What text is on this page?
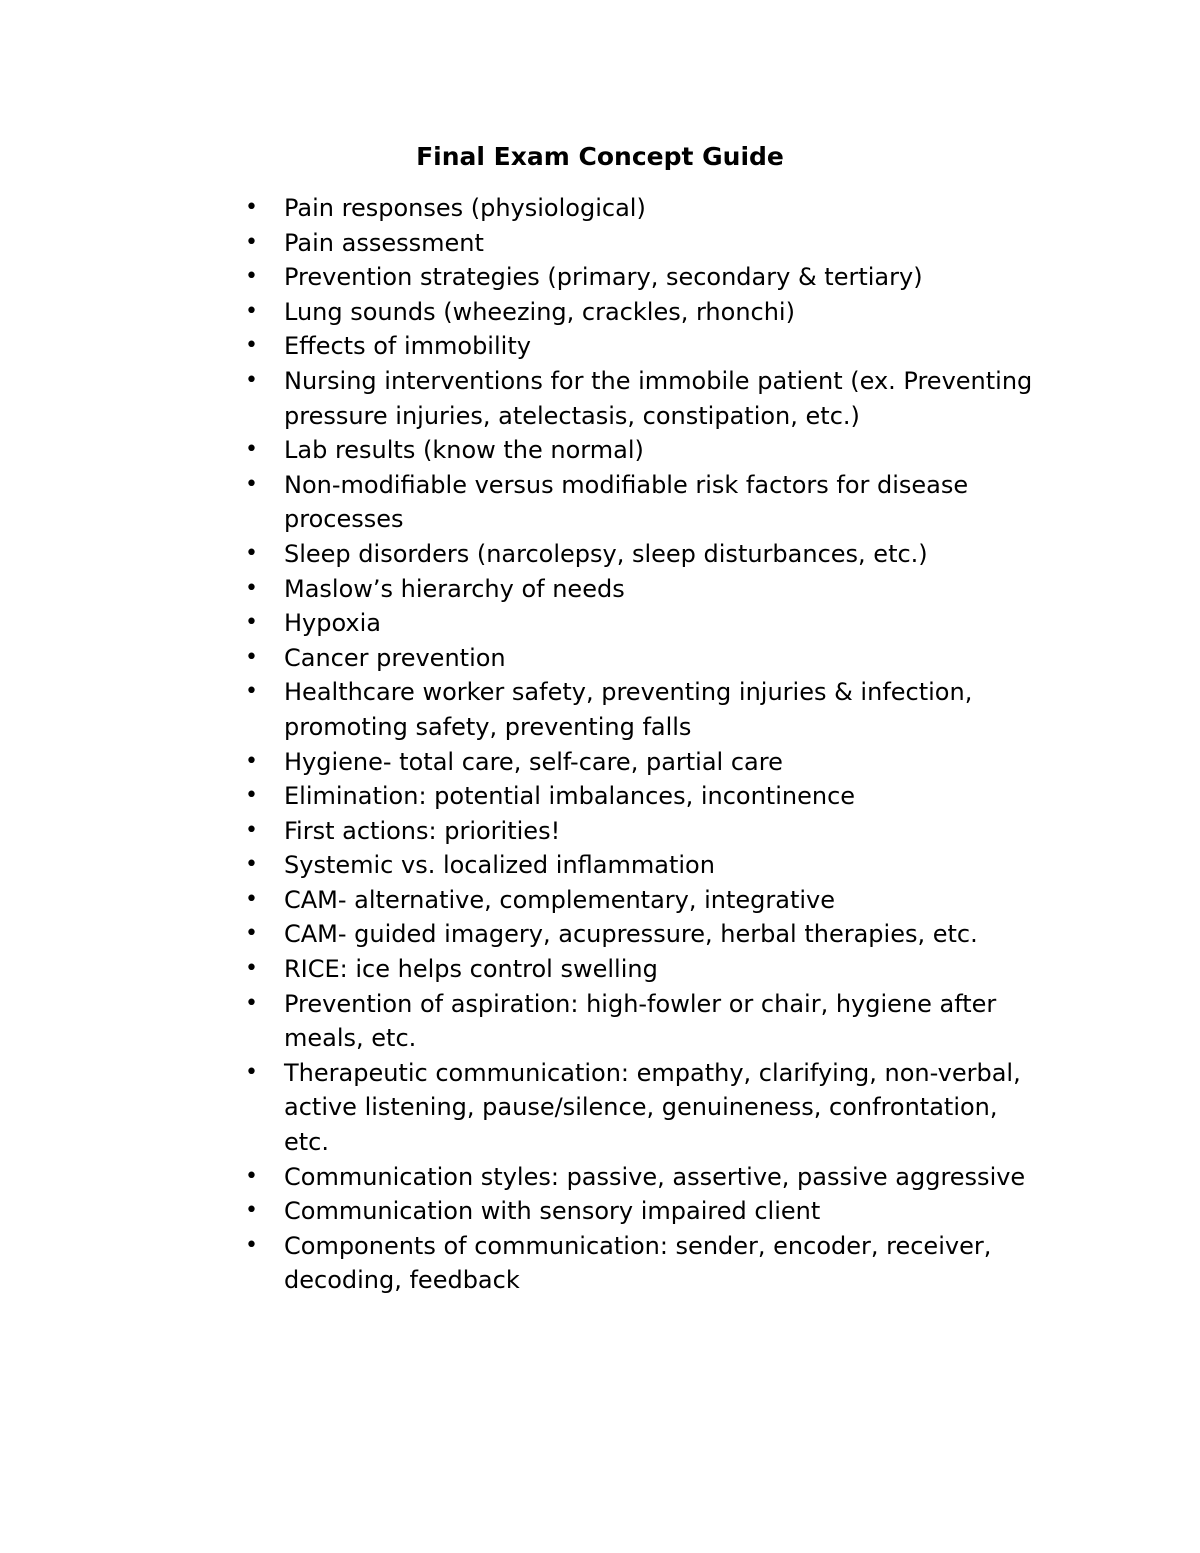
Final Exam Concept Guide
• Pain responses (physiological)
• Pain assessment
• Prevention strategies (primary, secondary & tertiary)
• Lung sounds (wheezing, crackles, rhonchi)
• Effects of immobility
• Nursing interventions for the immobile patient (ex. Preventing pressure injuries, atelectasis, constipation, etc.)
• Lab results (know the normal)
• Non-modifiable versus modifiable risk factors for disease processes
• Sleep disorders (narcolepsy, sleep disturbances, etc.)
• Maslow’s hierarchy of needs
• Hypoxia
• Cancer prevention
• Healthcare worker safety, preventing injuries & infection, promoting safety, preventing falls
• Hygiene- total care, self-care, partial care
• Elimination: potential imbalances, incontinence
• First actions: priorities!
• Systemic vs. localized inflammation
• CAM- alternative, complementary, integrative
• CAM- guided imagery, acupressure, herbal therapies, etc.
• RICE: ice helps control swelling
• Prevention of aspiration: high-fowler or chair, hygiene after meals, etc.
• Therapeutic communication: empathy, clarifying, non-verbal, active listening, pause/silence, genuineness, confrontation, etc.
• Communication styles: passive, assertive, passive aggressive
• Communication with sensory impaired client
• Components of communication: sender, encoder, receiver, decoding, feedback
